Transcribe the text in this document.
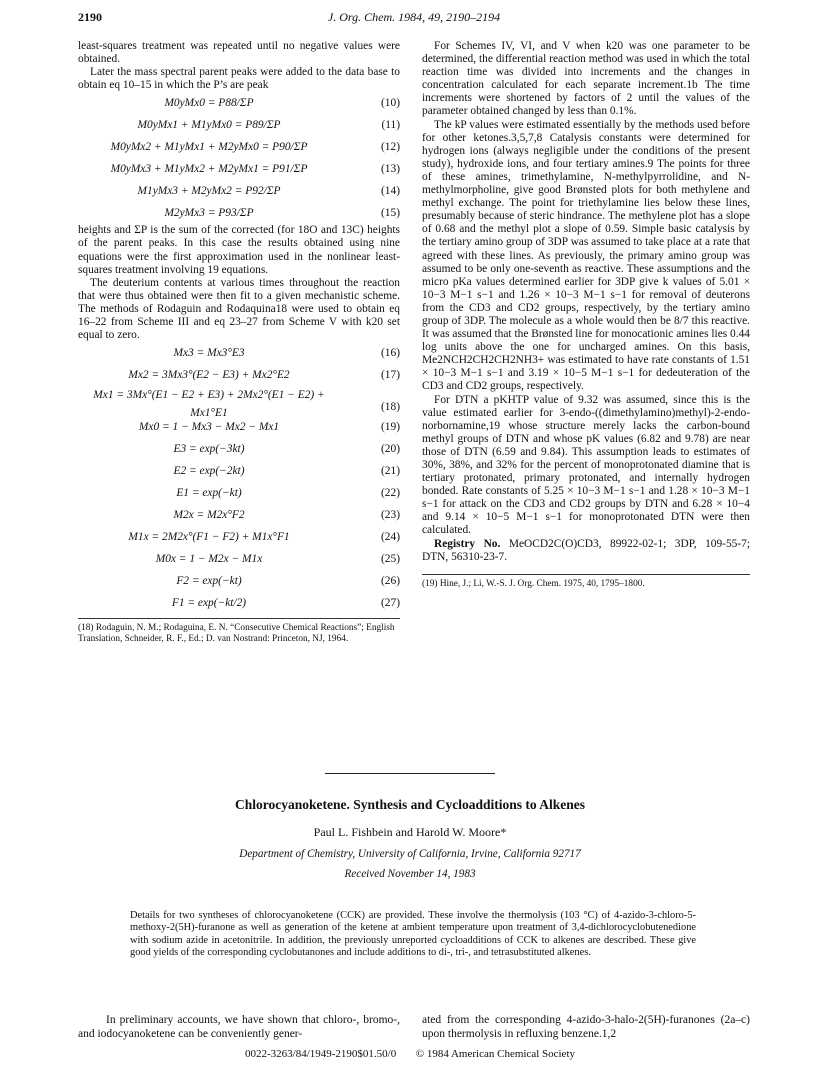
2190	J. Org. Chem. 1984, 49, 2190–2194

least-squares treatment was repeated until no negative values were obtained.

Later the mass spectral parent peaks were added to the data base to obtain eq 10–15 in which the P’s are peak

M0yMx0 = P88/ΣP	(10)
M0yMx1 + M1yMx0 = P89/ΣP	(11)
M0yMx2 + M1yMx1 + M2yMx0 = P90/ΣP	(12)
M0yMx3 + M1yMx2 + M2yMx1 = P91/ΣP	(13)
M1yMx3 + M2yMx2 = P92/ΣP	(14)
M2yMx3 = P93/ΣP	(15)

heights and ΣP is the sum of the corrected (for 18O and 13C) heights of the parent peaks. In this case the results obtained using nine equations were the first approximation used in the nonlinear least-squares treatment involving 19 equations.

The deuterium contents at various times throughout the reaction that were thus obtained were then fit to a given mechanistic scheme. The methods of Rodaguin and Rodaquina18 were used to obtain eq 16–22 from Scheme III and eq 23–27 from Scheme V with k20 set equal to zero.

Mx3 = Mx3°E3	(16)
Mx2 = 3Mx3°(E2 − E3) + Mx2°E2	(17)
Mx1 = 3Mx°(E1 − E2 + E3) + 2Mx2°(E1 − E2) + Mx1°E1	(18)
Mx0 = 1 − Mx3 − Mx2 − Mx1	(19)
E3 = exp(−3kt)	(20)
E2 = exp(−2kt)	(21)
E1 = exp(−kt)	(22)
M2x = M2x°F2	(23)
M1x = 2M2x°(F1 − F2) + M1x°F1	(24)
M0x = 1 − M2x − M1x	(25)
F2 = exp(−kt)	(26)
F1 = exp(−kt/2)	(27)

(18) Rodaguin, N. M.; Rodaguina, E. N. “Consecutive Chemical Reactions”; English Translation, Schneider, R. F., Ed.; D. van Nostrand: Princeton, NJ, 1964.

For Schemes IV, VI, and V when k20 was one parameter to be determined, the differential reaction method was used in which the total reaction time was divided into increments and the changes in concentration calculated for each separate increment.1b The time increments were shortened by factors of 2 until the values of the parameter obtained changed by less than 0.1%.

The kP values were estimated essentially by the methods used before for other ketones.3,5,7,8 Catalysis constants were determined for hydrogen ions (always negligible under the conditions of the present study), hydroxide ions, and four tertiary amines.9 The points for three of these amines, trimethylamine, N-methylpyrrolidine, and N-methylmorpholine, give good Brønsted plots for both methylene and methyl exchange. The point for triethylamine lies below these lines, presumably because of steric hindrance. The methylene plot has a slope of 0.68 and the methyl plot a slope of 0.59. Simple basic catalysis by the tertiary amino group of 3DP was assumed to take place at a rate that agreed with these lines. As previously, the primary amino group was assumed to be only one-seventh as reactive. These assumptions and the micro pKa values determined earlier for 3DP give k values of 5.01 × 10−3 M−1 s−1 and 1.26 × 10−3 M−1 s−1 for removal of deuterons from the CD3 and CD2 groups, respectively, by the tertiary amino group of 3DP. The molecule as a whole would then be 8/7 this reactive. It was assumed that the Brønsted line for monocationic amines lies 0.44 log units above the one for uncharged amines. On this basis, Me2NCH2CH2CH2NH3+ was estimated to have rate constants of 1.51 × 10−3 M−1 s−1 and 3.19 × 10−5 M−1 s−1 for dedeuteration of the CD3 and CD2 groups, respectively.

For DTN a pKHTP value of 9.32 was assumed, since this is the value estimated earlier for 3-endo-((dimethylamino)methyl)-2-endo-norbornamine,19 whose structure merely lacks the carbon-bound methyl groups of DTN and whose pK values (6.82 and 9.78) are near those of DTN (6.59 and 9.84). This assumption leads to estimates of 30%, 38%, and 32% for the percent of monoprotonated diamine that is tertiary protonated, primary protonated, and internally hydrogen bonded. Rate constants of 5.25 × 10−3 M−1 s−1 and 1.28 × 10−3 M−1 s−1 for attack on the CD3 and CD2 groups by DTN and 6.28 × 10−4 and 9.14 × 10−5 M−1 s−1 for monoprotonated DTN were then calculated.

Registry No. MeOCD2C(O)CD3, 89922-02-1; 3DP, 109-55-7; DTN, 56310-23-7.

(19) Hine, J.; Li, W.-S. J. Org. Chem. 1975, 40, 1795–1800.

Chlorocyanoketene. Synthesis and Cycloadditions to Alkenes
Paul L. Fishbein and Harold W. Moore*
Department of Chemistry, University of California, Irvine, California 92717
Received November 14, 1983

Details for two syntheses of chlorocyanoketene (CCK) are provided. These involve the thermolysis (103 °C) of 4-azido-3-chloro-5-methoxy-2(5H)-furanone as well as generation of the ketene at ambient temperature upon treatment of 3,4-dichlorocyclobutenedione with sodium azide in acetonitrile. In addition, the previously unreported cycloadditions of CCK to alkenes are described. These give good yields of the corresponding cyclobutanones and include additions to di-, tri-, and tetrasubstituted alkenes.

In preliminary accounts, we have shown that chloro-, bromo-, and iodocyanoketene can be conveniently gener-

ated from the corresponding 4-azido-3-halo-2(5H)-furanones (2a–c) upon thermolysis in refluxing benzene.1,2

0022-3263/84/1949-2190$01.50/0 © 1984 American Chemical Society
